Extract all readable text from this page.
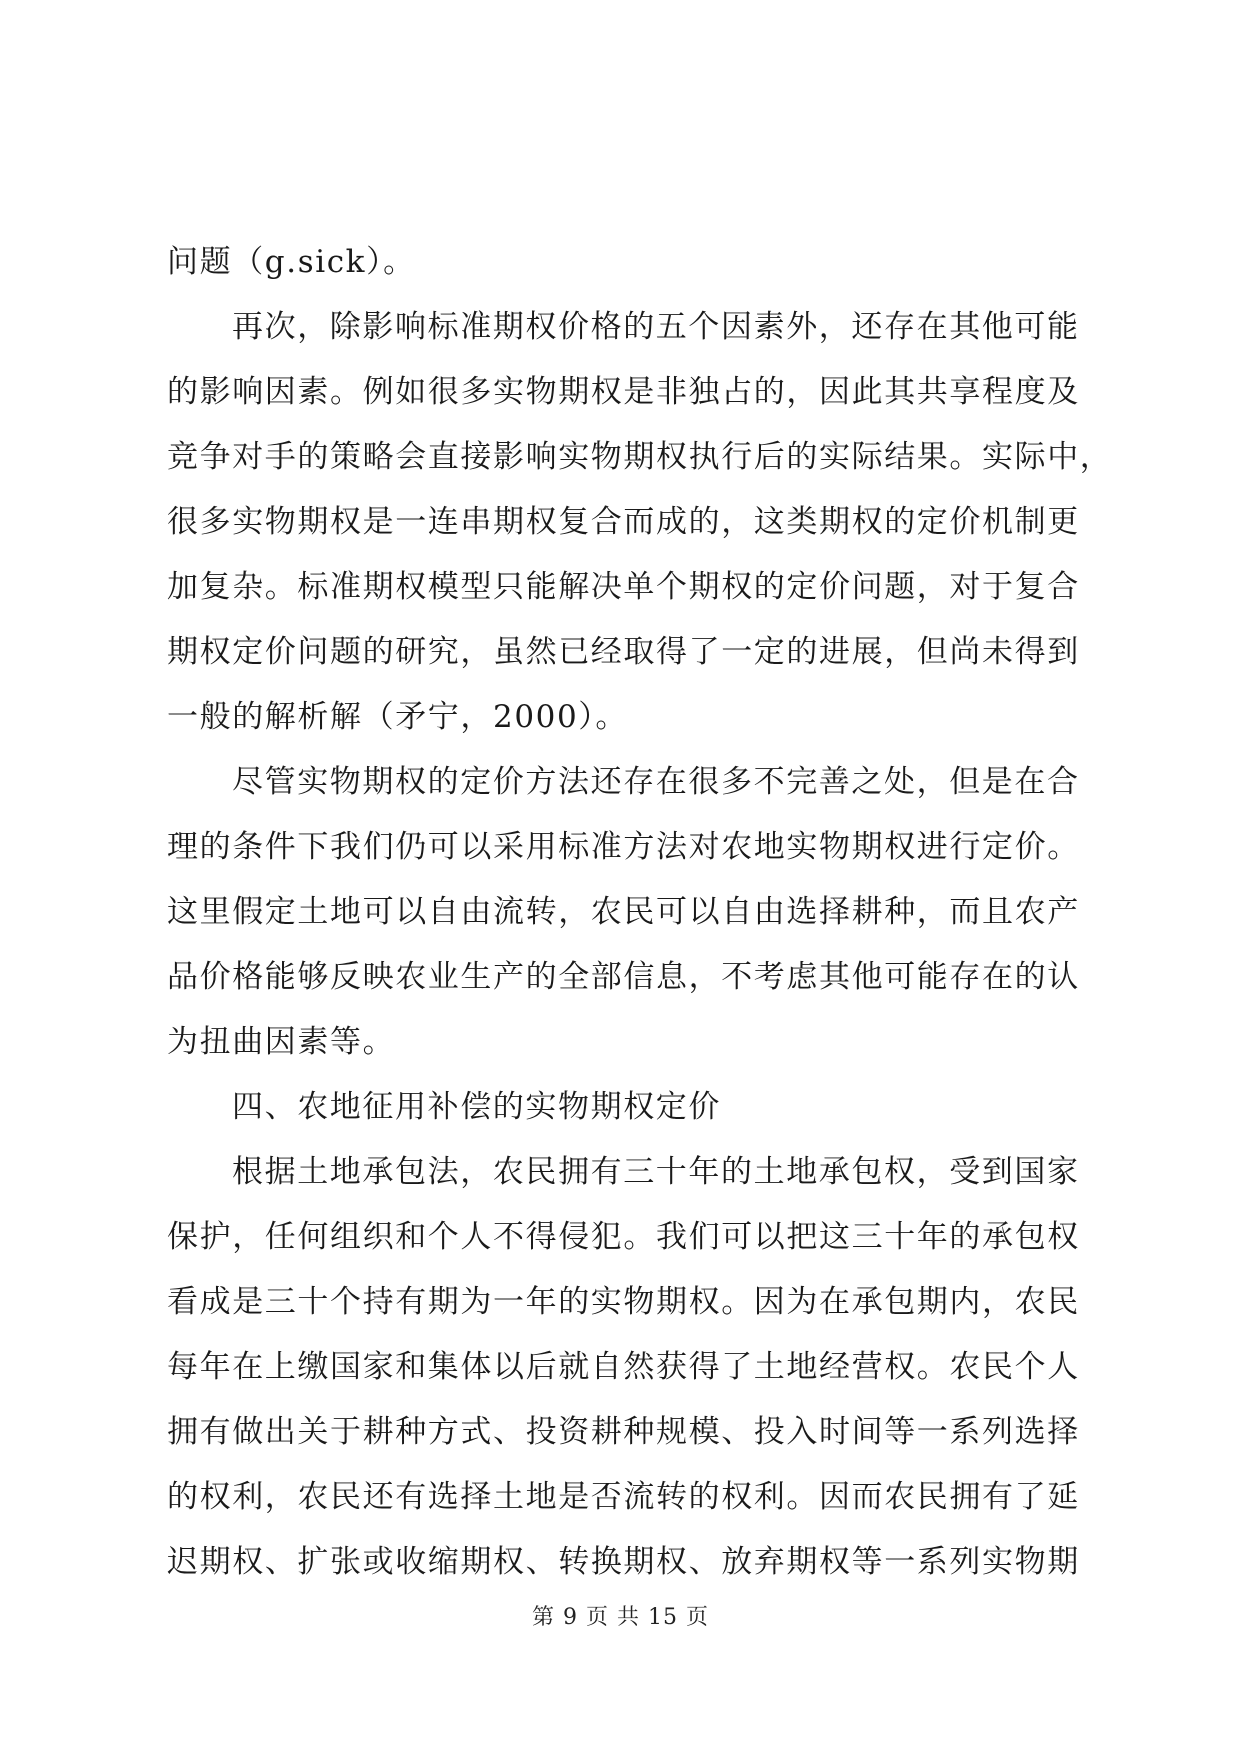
问题（g.sick）。
再次，除影响标准期权价格的五个因素外，还存在其他可能
的影响因素。例如很多实物期权是非独占的，因此其共享程度及
竞争对手的策略会直接影响实物期权执行后的实际结果。实际中，
很多实物期权是一连串期权复合而成的，这类期权的定价机制更
加复杂。标准期权模型只能解决单个期权的定价问题，对于复合
期权定价问题的研究，虽然已经取得了一定的进展，但尚未得到
一般的解析解（矛宁，2000）。
尽管实物期权的定价方法还存在很多不完善之处，但是在合
理的条件下我们仍可以采用标准方法对农地实物期权进行定价。
这里假定土地可以自由流转，农民可以自由选择耕种，而且农产
品价格能够反映农业生产的全部信息，不考虑其他可能存在的认
为扭曲因素等。
四、农地征用补偿的实物期权定价
根据土地承包法，农民拥有三十年的土地承包权，受到国家
保护，任何组织和个人不得侵犯。我们可以把这三十年的承包权
看成是三十个持有期为一年的实物期权。因为在承包期内，农民
每年在上缴国家和集体以后就自然获得了土地经营权。农民个人
拥有做出关于耕种方式、投资耕种规模、投入时间等一系列选择
的权利，农民还有选择土地是否流转的权利。因而农民拥有了延
迟期权、扩张或收缩期权、转换期权、放弃期权等一系列实物期
第 9 页 共 15 页
